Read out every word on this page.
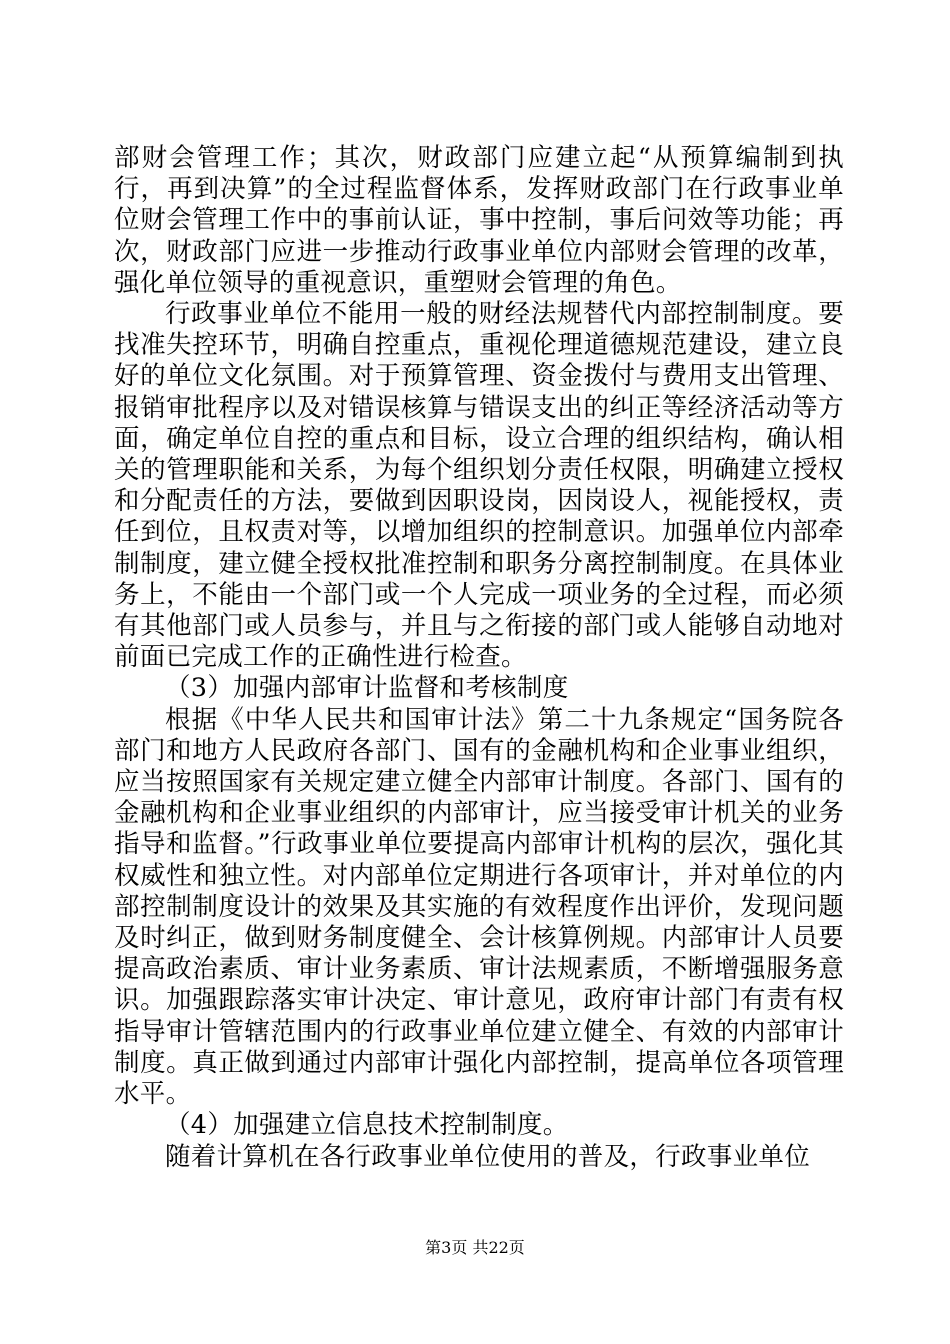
部财会管理工作；其次，财政部门应建立起“从预算编制到执行，再到决算”的全过程监督体系，发挥财政部门在行政事业单位财会管理工作中的事前认证，事中控制，事后问效等功能；再次，财政部门应进一步推动行政事业单位内部财会管理的改革，强化单位领导的重视意识，重塑财会管理的角色。

行政事业单位不能用一般的财经法规替代内部控制制度。要找准失控环节，明确自控重点，重视伦理道德规范建设，建立良好的单位文化氛围。对于预算管理、资金拨付与费用支出管理、报销审批程序以及对错误核算与错误支出的纠正等经济活动等方面，确定单位自控的重点和目标，设立合理的组织结构，确认相关的管理职能和关系，为每个组织划分责任权限，明确建立授权和分配责任的方法，要做到因职设岗，因岗设人，视能授权，责任到位，且权责对等，以增加组织的控制意识。加强单位内部牵制制度，建立健全授权批准控制和职务分离控制制度。在具体业务上，不能由一个部门或一个人完成一项业务的全过程，而必须有其他部门或人员参与，并且与之衔接的部门或人能够自动地对前面已完成工作的正确性进行检查。

（3）加强内部审计监督和考核制度

根据《中华人民共和国审计法》第二十九条规定“国务院各部门和地方人民政府各部门、国有的金融机构和企业事业组织，应当按照国家有关规定建立健全内部审计制度。各部门、国有的金融机构和企业事业组织的内部审计，应当接受审计机关的业务指导和监督。”行政事业单位要提高内部审计机构的层次，强化其权威性和独立性。对内部单位定期进行各项审计，并对单位的内部控制制度设计的效果及其实施的有效程度作出评价，发现问题及时纠正，做到财务制度健全、会计核算例规。内部审计人员要提高政治素质、审计业务素质、审计法规素质，不断增强服务意识。加强跟踪落实审计决定、审计意见，政府审计部门有责有权指导审计管辖范围内的行政事业单位建立健全、有效的内部审计制度。真正做到通过内部审计强化内部控制，提高单位各项管理水平。

（4）加强建立信息技术控制制度。

随着计算机在各行政事业单位使用的普及，行政事业单位

第3页 共22页
